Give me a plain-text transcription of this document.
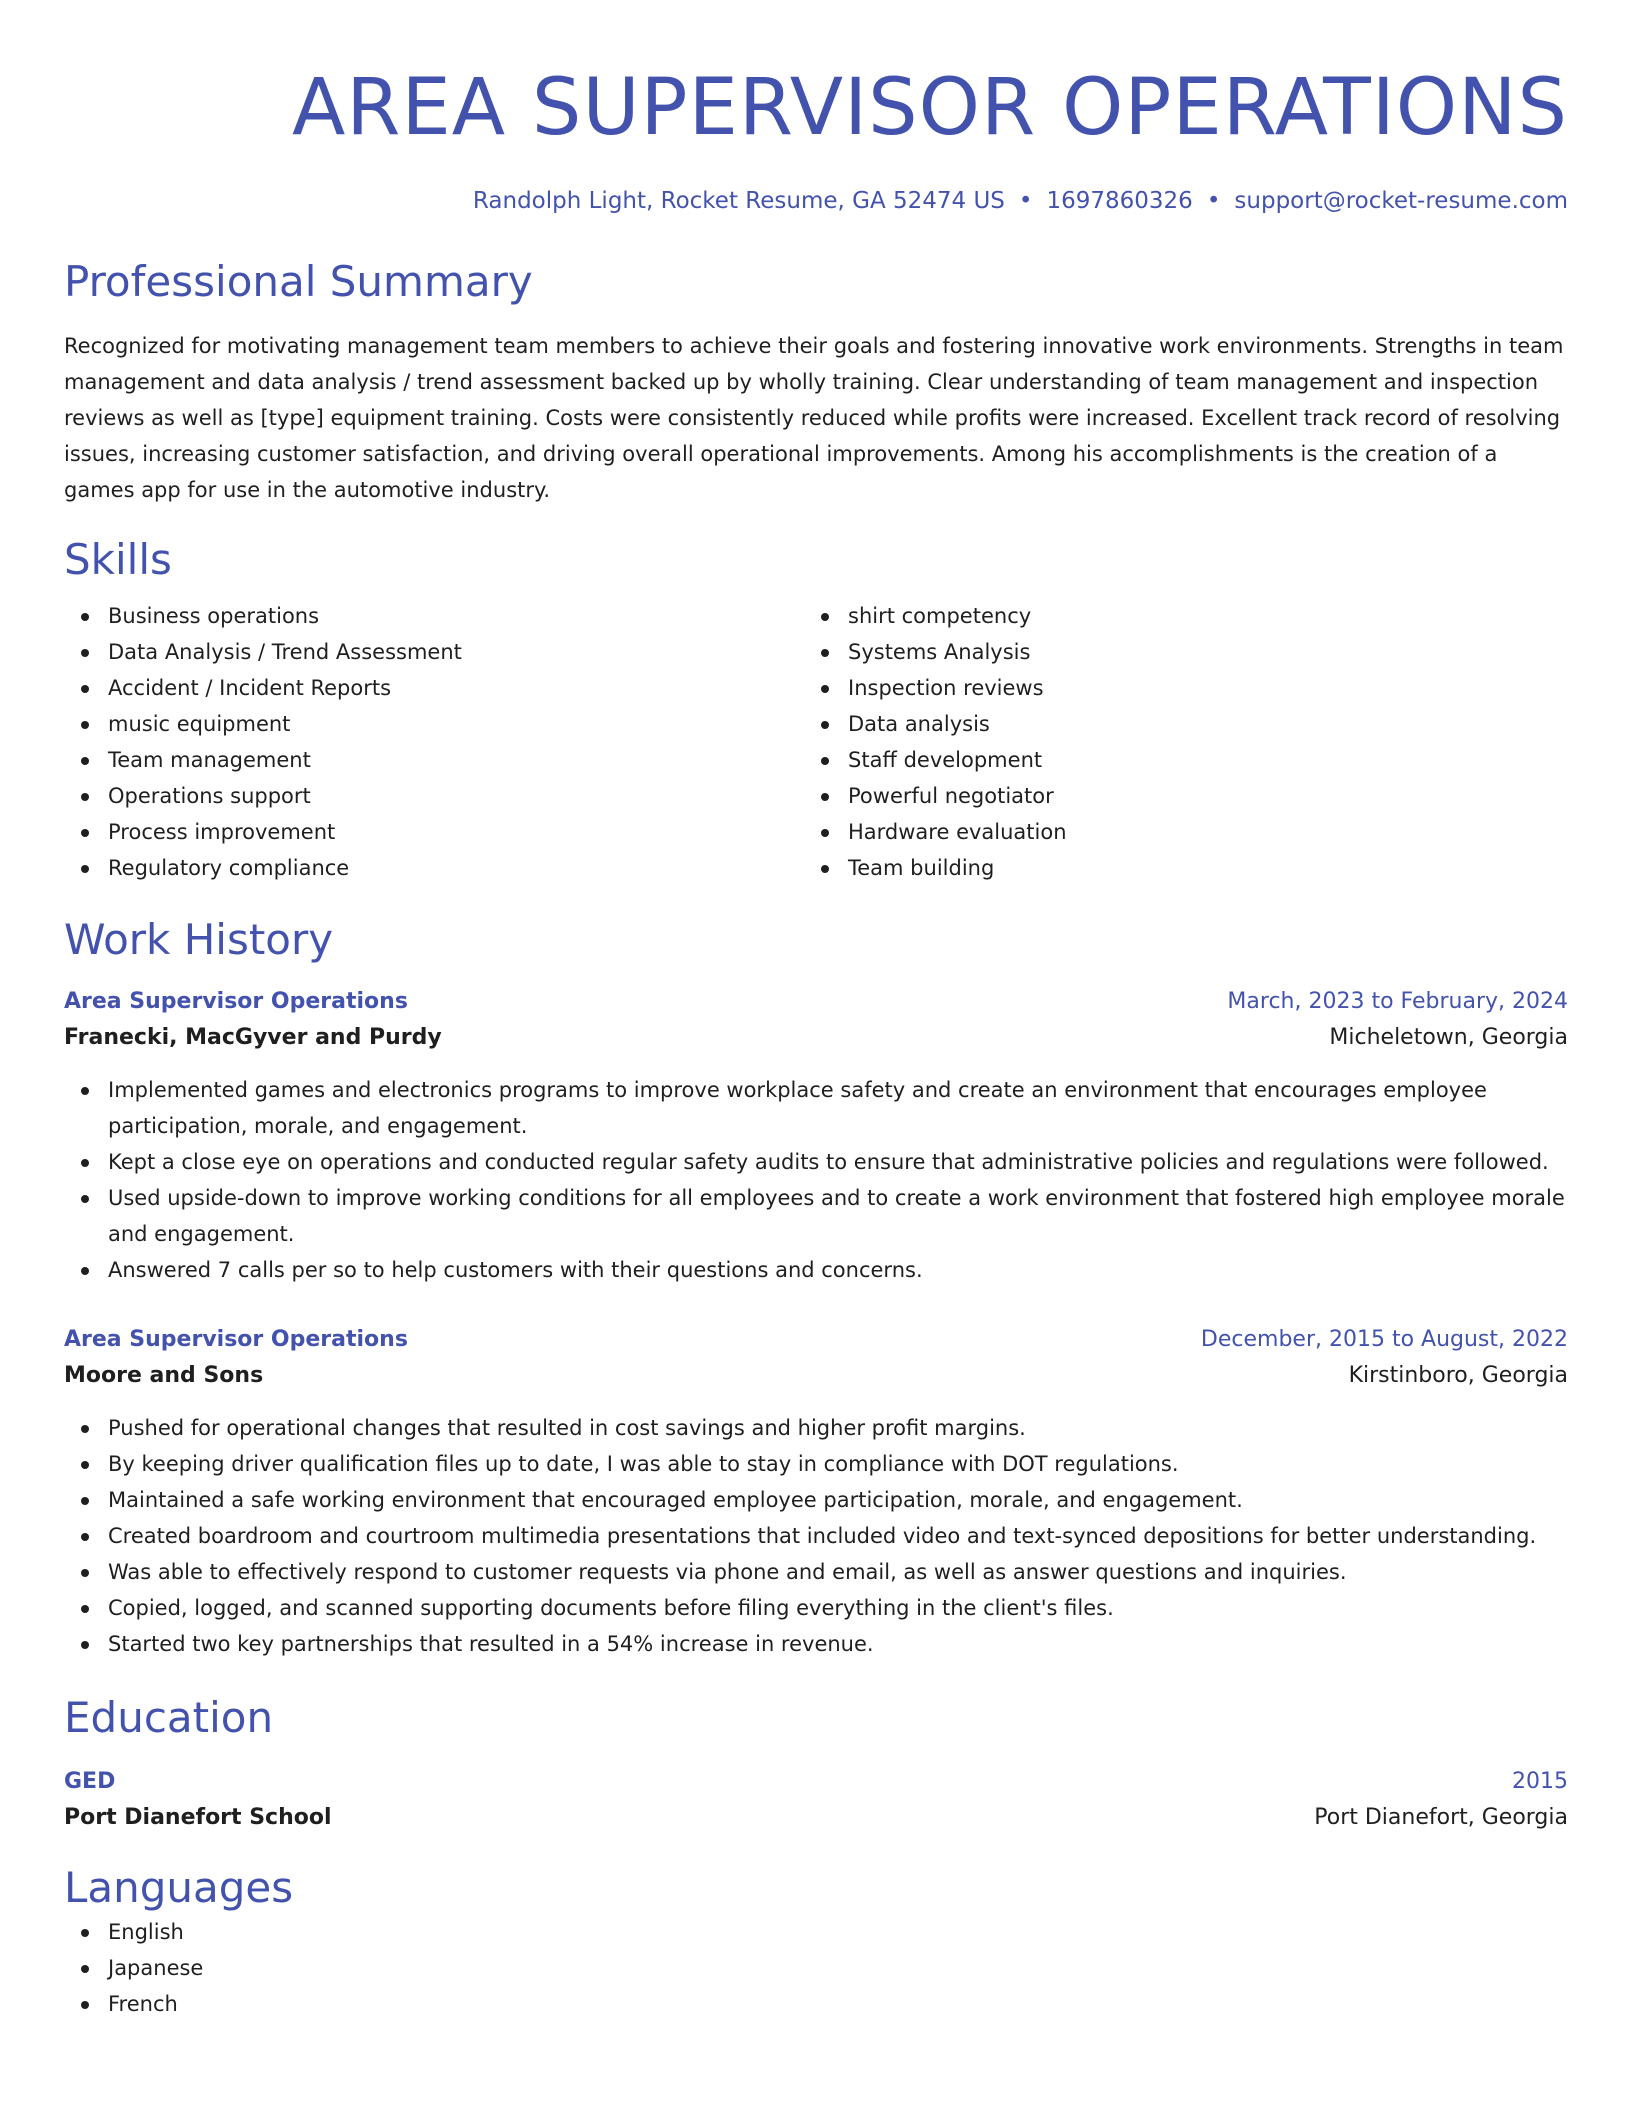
AREA SUPERVISOR OPERATIONS
Randolph Light, Rocket Resume, GA 52474 US • 1697860326 • support@rocket-resume.com
Professional Summary
Recognized for motivating management team members to achieve their goals and fostering innovative work environments. Strengths in team management and data analysis / trend assessment backed up by wholly training. Clear understanding of team management and inspection reviews as well as [type] equipment training. Costs were consistently reduced while profits were increased. Excellent track record of resolving issues, increasing customer satisfaction, and driving overall operational improvements. Among his accomplishments is the creation of a games app for use in the automotive industry.
Skills
Business operations
Data Analysis / Trend Assessment
Accident / Incident Reports
music equipment
Team management
Operations support
Process improvement
Regulatory compliance
shirt competency
Systems Analysis
Inspection reviews
Data analysis
Staff development
Powerful negotiator
Hardware evaluation
Team building
Work History
Area Supervisor Operations	March, 2023 to February, 2024
Franecki, MacGyver and Purdy	Micheletown, Georgia
Implemented games and electronics programs to improve workplace safety and create an environment that encourages employee participation, morale, and engagement.
Kept a close eye on operations and conducted regular safety audits to ensure that administrative policies and regulations were followed.
Used upside-down to improve working conditions for all employees and to create a work environment that fostered high employee morale and engagement.
Answered 7 calls per so to help customers with their questions and concerns.
Area Supervisor Operations	December, 2015 to August, 2022
Moore and Sons	Kirstinboro, Georgia
Pushed for operational changes that resulted in cost savings and higher profit margins.
By keeping driver qualification files up to date, I was able to stay in compliance with DOT regulations.
Maintained a safe working environment that encouraged employee participation, morale, and engagement.
Created boardroom and courtroom multimedia presentations that included video and text-synced depositions for better understanding.
Was able to effectively respond to customer requests via phone and email, as well as answer questions and inquiries.
Copied, logged, and scanned supporting documents before filing everything in the client's files.
Started two key partnerships that resulted in a 54% increase in revenue.
Education
GED	2015
Port Dianefort School	Port Dianefort, Georgia
Languages
English
Japanese
French
